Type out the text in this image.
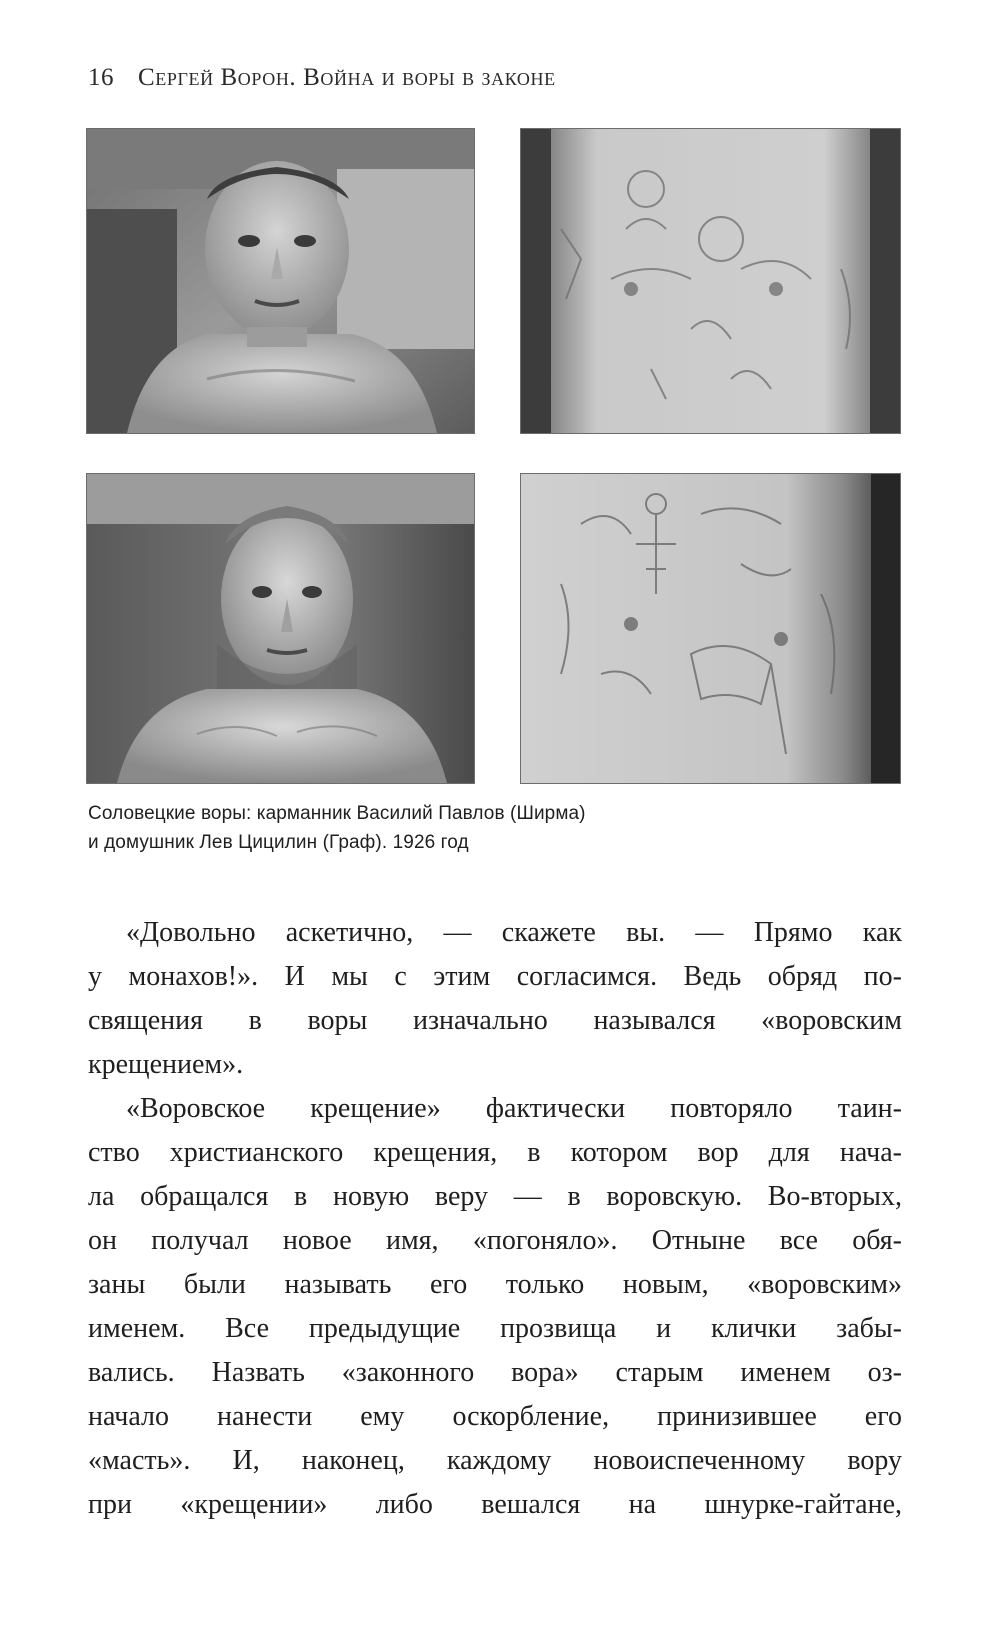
16 Сергей Ворон. Война и воры в законе
Соловецкие воры: карманник Василий Павлов (Ширма)
и домушник Лев Цицилин (Граф). 1926 год
«Довольно аскетично, — скажете вы. — Прямо как
у монахов!». И мы с этим согласимся. Ведь обряд по-
священия в воры изначально назывался «воровским
крещением».
«Воровское крещение» фактически повторяло таин-
ство христианского крещения, в котором вор для нача-
ла обращался в новую веру — в воровскую. Во-вторых,
он получал новое имя, «погоняло». Отныне все обя-
заны были называть его только новым, «воровским»
именем. Все предыдущие прозвища и клички забы-
вались. Назвать «законного вора» старым именем оз-
начало нанести ему оскорбление, принизившее его
«масть». И, наконец, каждому новоиспеченному вору
при «крещении» либо вешался на шнурке-гайтане,
